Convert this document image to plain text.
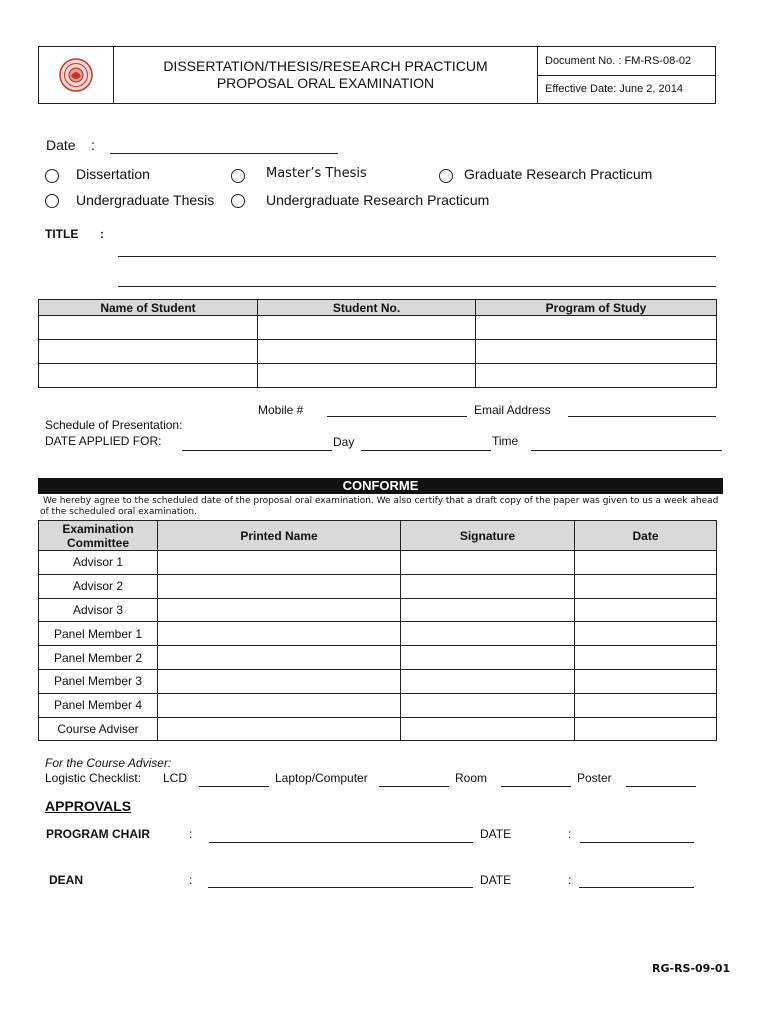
DISSERTATION/THESIS/RESEARCH PRACTICUM
PROPOSAL ORAL EXAMINATION
Document No. : FM-RS-08-02
Effective Date: June 2, 2014
Date :
Dissertation	Master’s Thesis	Graduate Research Practicum
Undergraduate Thesis	Undergraduate Research Practicum
TITLE :
Name of Student	Student No.	Program of Study

Mobile #	Email Address
Schedule of Presentation:
DATE APPLIED FOR:	Day	Time
CONFORME
We hereby agree to the scheduled date of the proposal oral examination. We also certify that a draft copy of the paper was given to us a week ahead
of the scheduled oral examination.
Examination
Committee	Printed Name	Signature	Date
Advisor 1			
Advisor 2			
Advisor 3			
Panel Member 1			
Panel Member 2			
Panel Member 3			
Panel Member 4			
Course Adviser			
For the Course Adviser:
Logistic Checklist: LCD	Laptop/Computer	Room	Poster
APPROVALS
PROGRAM CHAIR	:	DATE	:
DEAN	:	DATE	:
RG-RS-09-01
